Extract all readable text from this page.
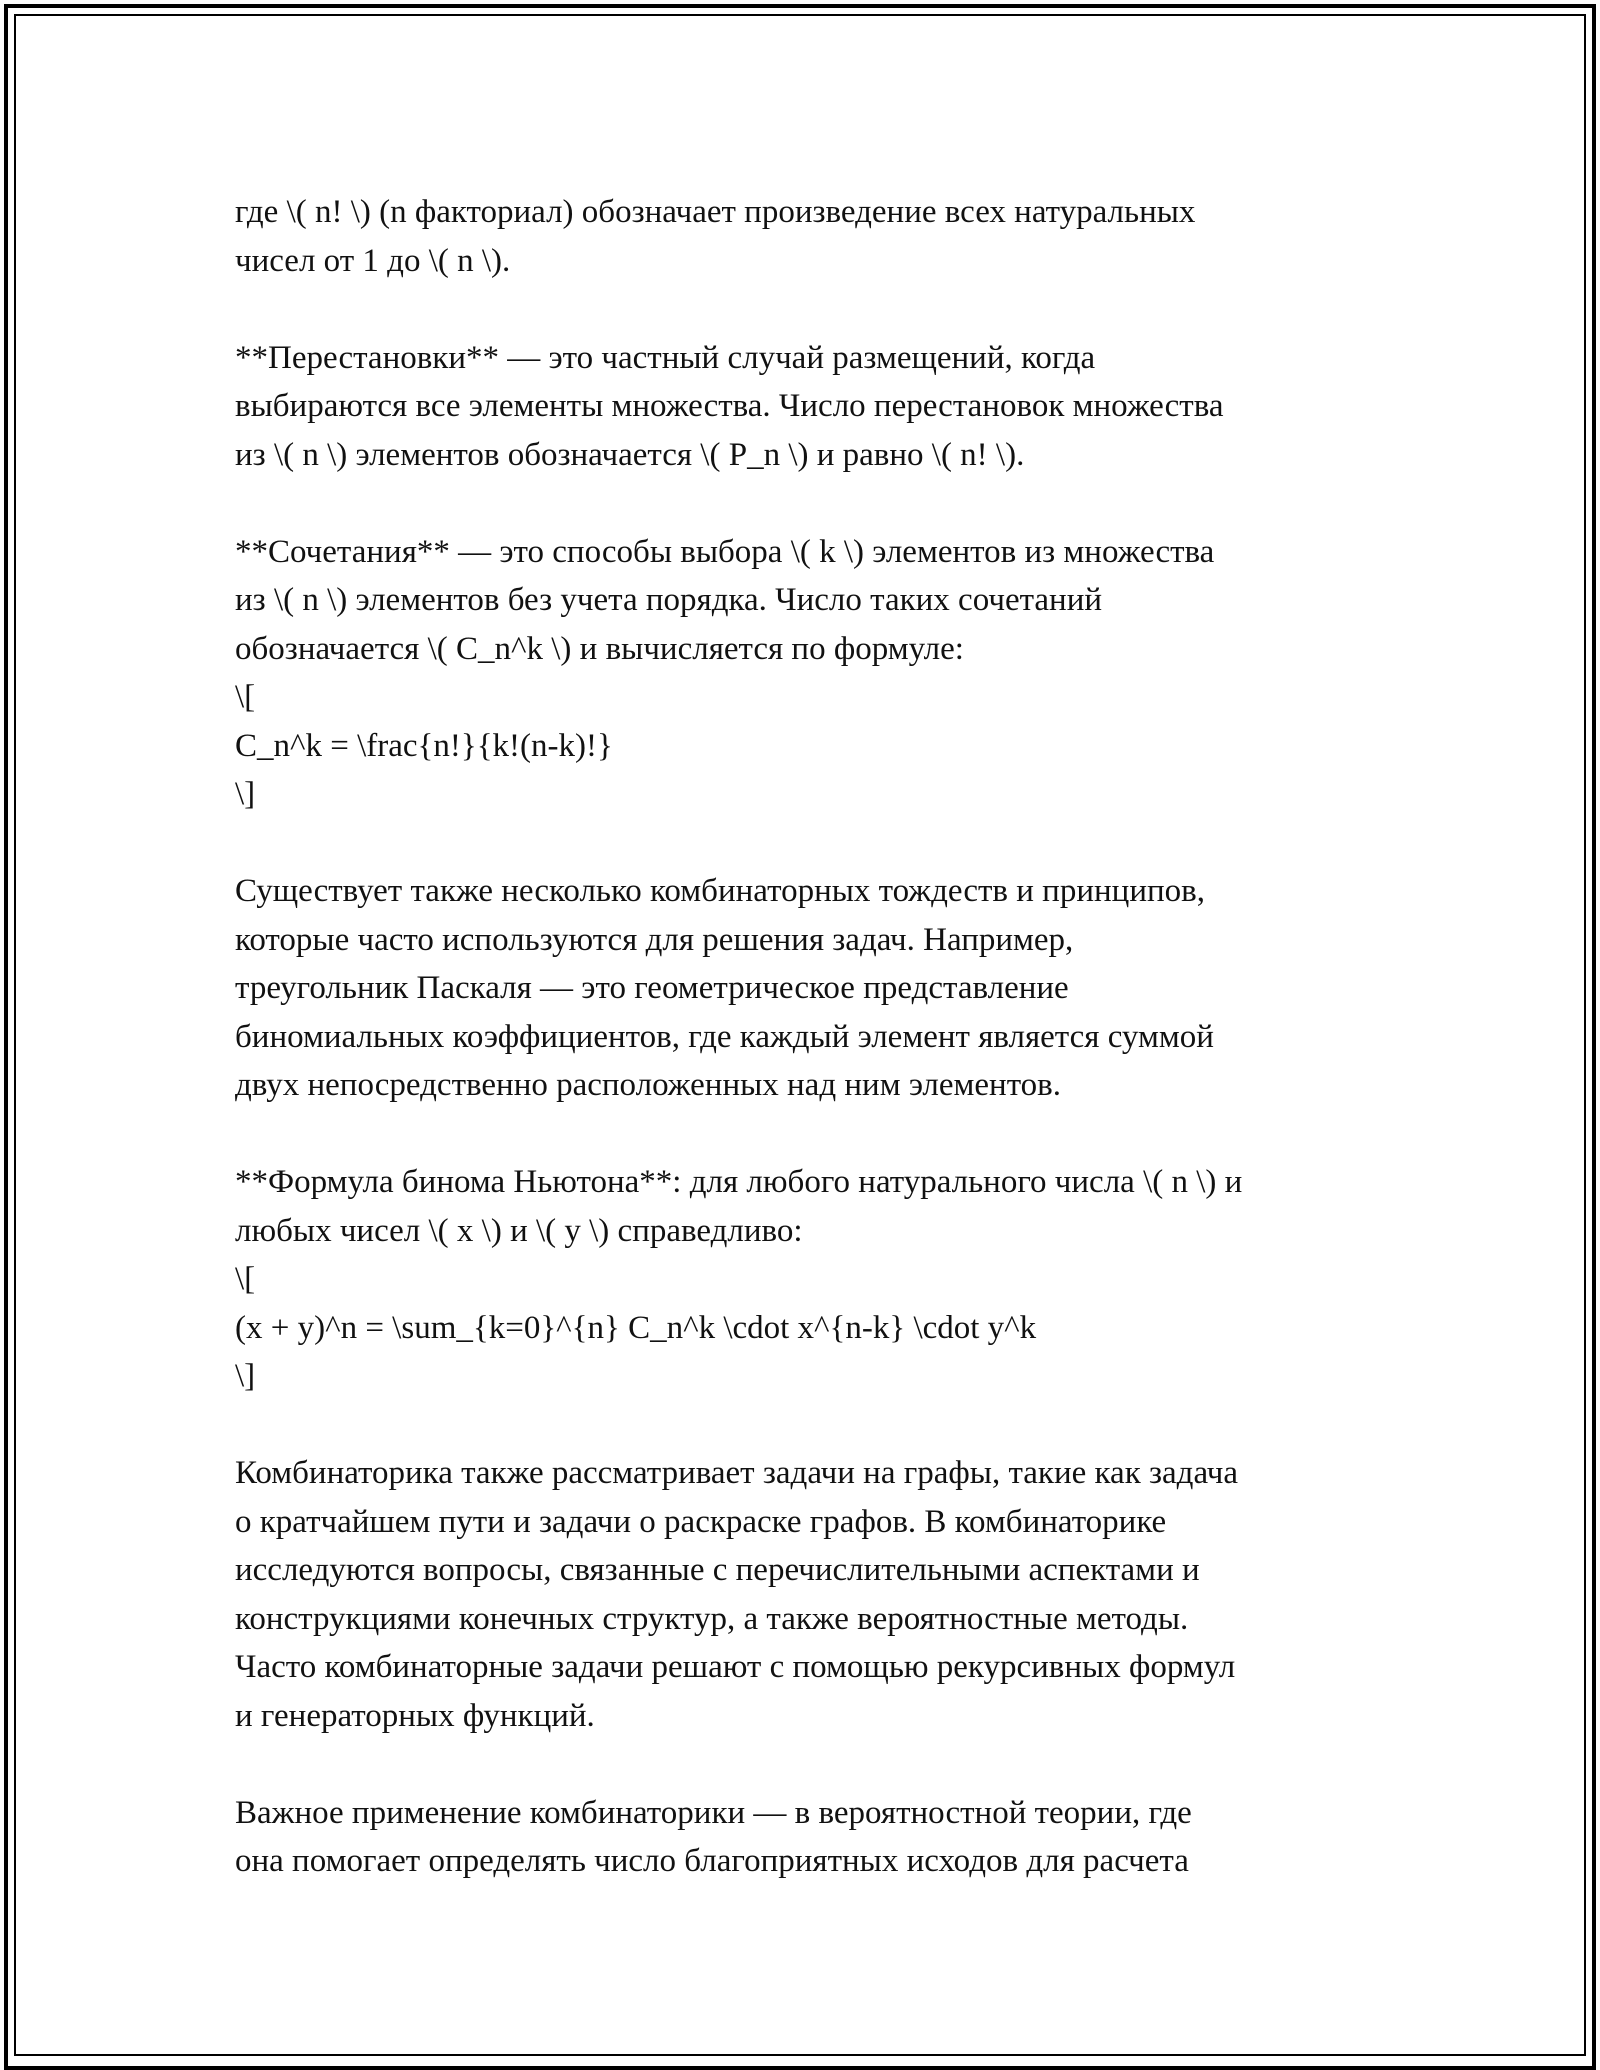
где \( n! \) (n факториал) обозначает произведение всех натуральных
чисел от 1 до \( n \).
**Перестановки** — это частный случай размещений, когда
выбираются все элементы множества. Число перестановок множества
из \( n \) элементов обозначается \( P_n \) и равно \( n! \).
**Сочетания** — это способы выбора \( k \) элементов из множества
из \( n \) элементов без учета порядка. Число таких сочетаний
обозначается \( C_n^k \) и вычисляется по формуле:
\[
C_n^k = \frac{n!}{k!(n-k)!}
\]
Существует также несколько комбинаторных тождеств и принципов,
которые часто используются для решения задач. Например,
треугольник Паскаля — это геометрическое представление
биномиальных коэффициентов, где каждый элемент является суммой
двух непосредственно расположенных над ним элементов.
**Формула бинома Ньютона**: для любого натурального числа \( n \) и
любых чисел \( x \) и \( y \) справедливо:
\[
(x + y)^n = \sum_{k=0}^{n} C_n^k \cdot x^{n-k} \cdot y^k
\]
Комбинаторика также рассматривает задачи на графы, такие как задача
о кратчайшем пути и задачи о раскраске графов. В комбинаторике
исследуются вопросы, связанные с перечислительными аспектами и
конструкциями конечных структур, а также вероятностные методы.
Часто комбинаторные задачи решают с помощью рекурсивных формул
и генераторных функций.
Важное применение комбинаторики — в вероятностной теории, где
она помогает определять число благоприятных исходов для расчета
